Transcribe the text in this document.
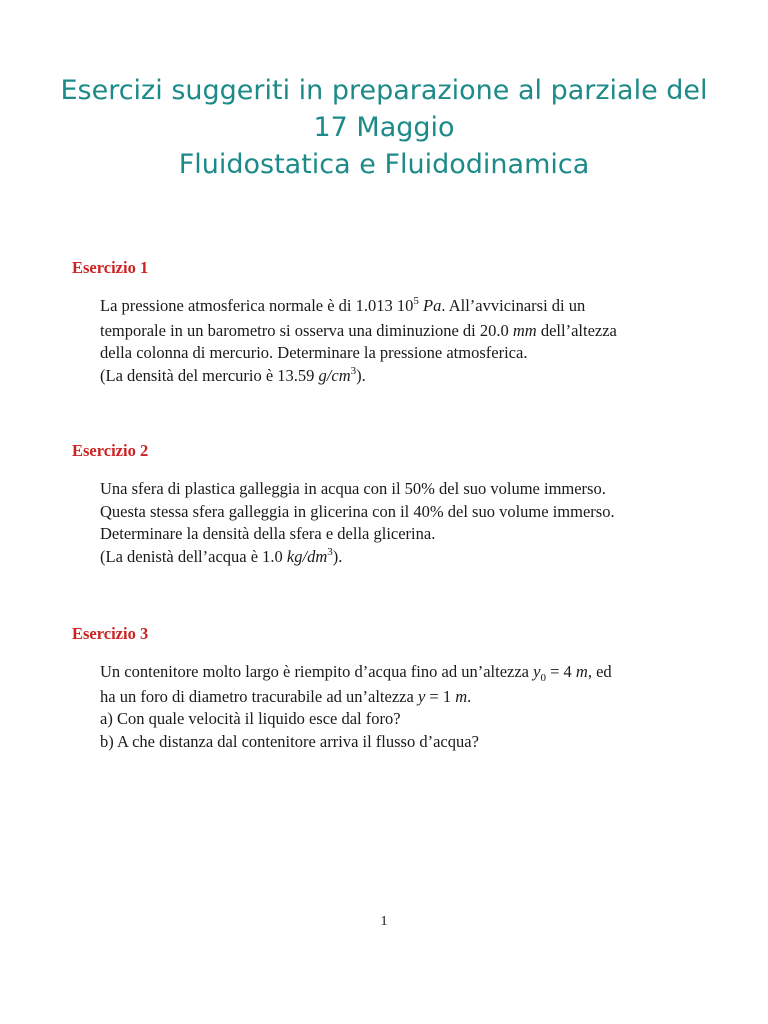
Esercizi suggeriti in preparazione al parziale del
17 Maggio
Fluidostatica e Fluidodinamica

Esercizio 1

La pressione atmosferica normale è di 1.013 $10^5$ Pa. All’avvicinarsi di un
temporale in un barometro si osserva una diminuzione di 20.0 mm dell’altezza
della colonna di mercurio. Determinare la pressione atmosferica.
(La densità del mercurio è 13.59 $g/cm^3$).

Esercizio 2

Una sfera di plastica galleggia in acqua con il 50% del suo volume immerso.
Questa stessa sfera galleggia in glicerina con il 40% del suo volume immerso.
Determinare la densità della sfera e della glicerina.
(La denistà dell’acqua è 1.0 $kg/dm^3$).

Esercizio 3

Un contenitore molto largo è riempito d’acqua fino ad un’altezza $y_0 = 4$ m, ed
ha un foro di diametro tracurabile ad un’altezza y = 1 m.
a) Con quale velocità il liquido esce dal foro?
b) A che distanza dal contenitore arriva il flusso d’acqua?
1
